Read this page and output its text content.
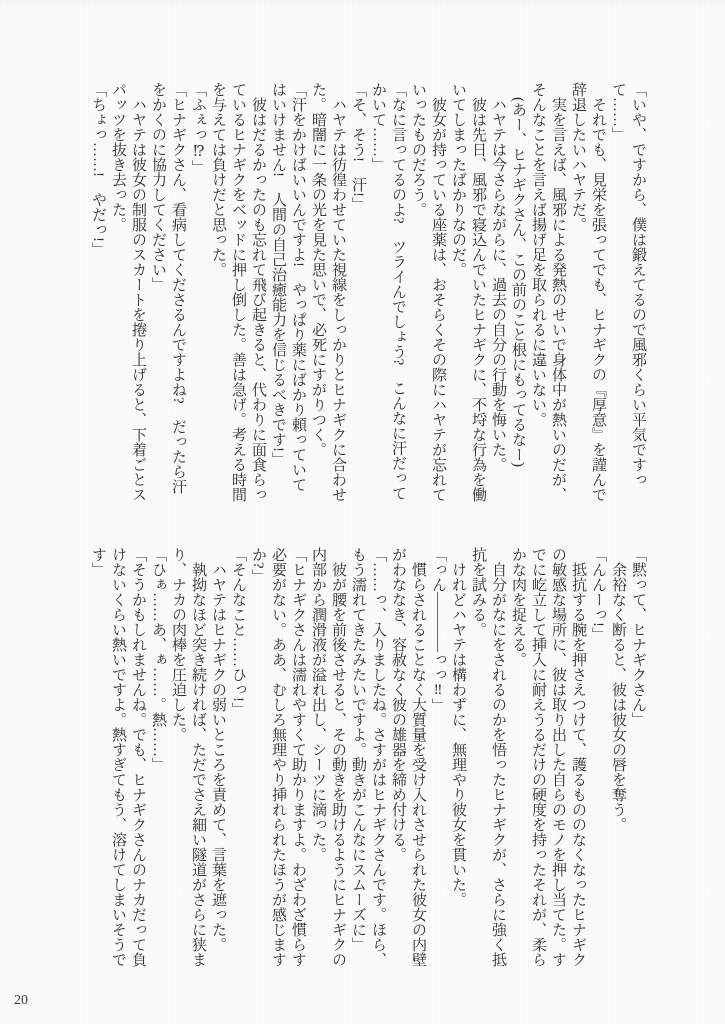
「いや、ですから、僕は鍛えてるので風邪くらい平気ですって……」

それでも、見栄を張ってでも、ヒナギクの『厚意』を謹んで辞退したいハヤテだ。

実を言えば、風邪による発熱のせいで身体中が熱いのだが、そんなことを言えば揚げ足を取られるに違いない。

(あー、ヒナギクさん、この前のこと根にもってるなー)

ハヤテは今さらながらに、過去の自分の行動を悔いた。

彼は先日、風邪で寝込んでいたヒナギクに、不埒な行為を働いてしまったばかりなのだ。

彼女が持っている座薬は、おそらくその際にハヤテが忘れていったものだろう。

「なに言ってるのよ?　ツライんでしょう?　こんなに汗だってかいて……」

「そ、そう!　汗!」

ハヤテは彷徨わせていた視線をしっかりとヒナギクに合わせた。暗闇に一条の光を見た思いで、必死にすがりつく。

「汗をかけばいいんですよ!　やっぱり薬にばかり頼っていてはいけません!　人間の自己治癒能力を信じるべきです!」

彼はだるかったのも忘れて飛び起きると、代わりに面食らっているヒナギクをベッドに押し倒した。善は急げ。考える時間を与えては負けだと思った。

「ふぇっ⁉」

「ヒナギクさん、看病してくださるんですよね?　だったら汗をかくのに協力してください」

ハヤテは彼女の制服のスカートを捲り上げると、下着ごとスパッツを抜き去った。

「ちょっ……!　やだっ!」

「黙って、ヒナギクさん」

余裕なく断ると、彼は彼女の唇を奪う。

「んんーっ!」

抵抗する腕を押さえつけて、護るもののなくなったヒナギクの敏感な場所に、彼は取り出した自らのモノを押し当てた。すでに屹立して挿入に耐えうるだけの硬度を持ったそれが、柔らかな肉を捉える。

自分がなにをされるのかを悟ったヒナギクが、さらに強く抵抗を試みる。

けれどハヤテは構わずに、無理やり彼女を貫いた。

「っん――――っっ‼」

慣らされることなく大質量を受け入れさせられた彼女の内壁がわななき、容赦なく彼の雄器を締め付ける。

「……っ、入りましたね。さすがはヒナギクさんです。ほら、もう濡れてきたみたいですよ。動きがこんなにスムーズに」

彼が腰を前後させると、その動きを助けるようにヒナギクの内部から潤滑液が溢れ出し、シーツに滴った。

「ヒナギクさんは濡れやすくて助かりますよ。わざわざ慣らす必要がない。ああ、むしろ無理やり挿れられたほうが感じますか?」

「そんなこと……ひっ!」

ハヤテはヒナギクの弱いところを責めて、言葉を遮った。

執拗なほど突き続ければ、ただでさえ細い隧道がさらに狭まり、ナカの肉棒を圧迫した。

「ひぁ……あ、ぁ……。熱……」

「そうかもしれませんね。でも、ヒナギクさんのナカだって負けないくらい熱いですよ。熱すぎてもう、溶けてしまいそうです」

20
